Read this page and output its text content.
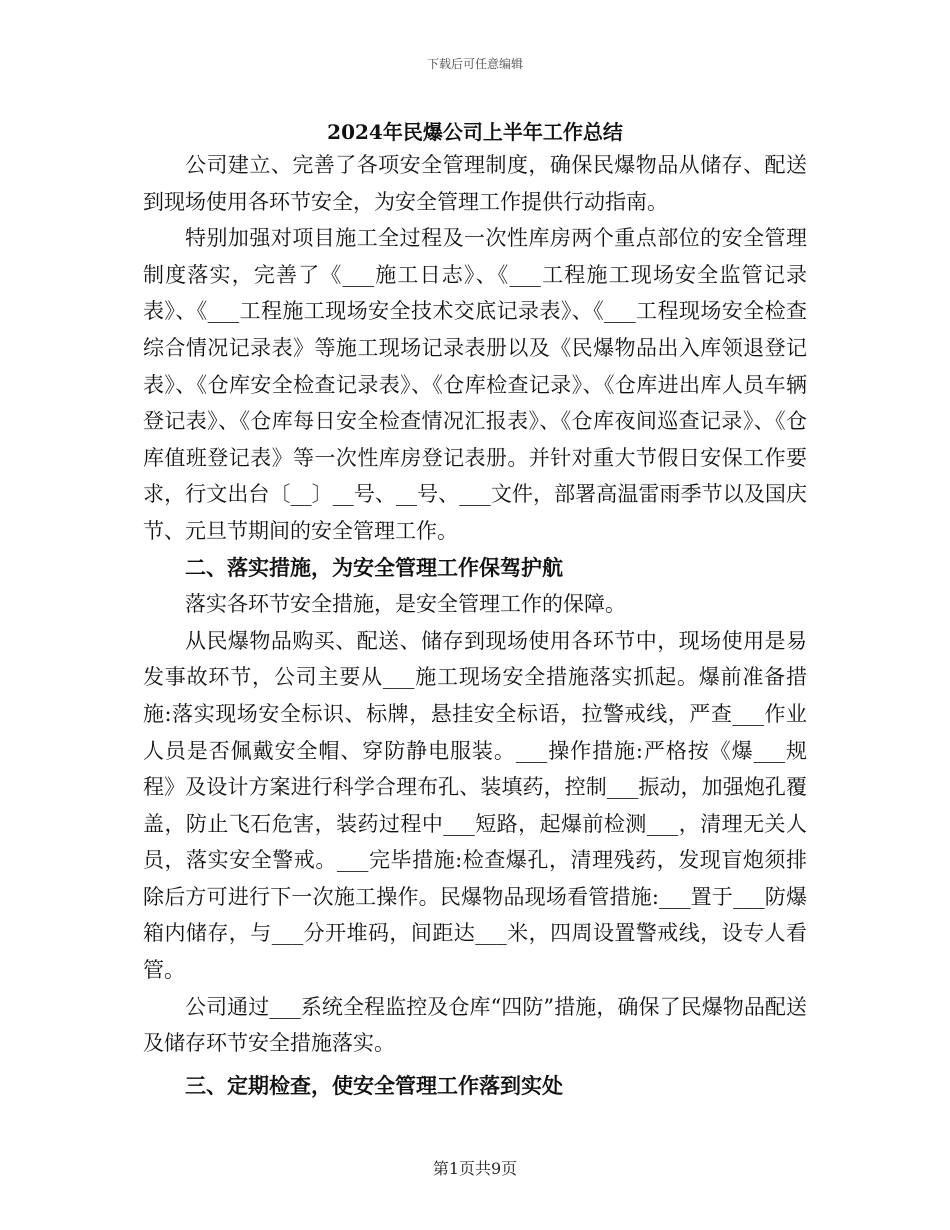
下载后可任意编辑
2024年民爆公司上半年工作总结

公司建立、完善了各项安全管理制度，确保民爆物品从储存、配送到现场使用各环节安全，为安全管理工作提供行动指南。

特别加强对项目施工全过程及一次性库房两个重点部位的安全管理制度落实，完善了《___施工日志》、《___工程施工现场安全监管记录表》、《___工程施工现场安全技术交底记录表》、《___工程现场安全检查综合情况记录表》等施工现场记录表册以及《民爆物品出入库领退登记表》、《仓库安全检查记录表》、《仓库检查记录》、《仓库进出库人员车辆登记表》、《仓库每日安全检查情况汇报表》、《仓库夜间巡查记录》、《仓库值班登记表》等一次性库房登记表册。并针对重大节假日安保工作要求，行文出台〔__〕__号、__号、___文件，部署高温雷雨季节以及国庆节、元旦节期间的安全管理工作。

二、落实措施，为安全管理工作保驾护航

落实各环节安全措施，是安全管理工作的保障。

从民爆物品购买、配送、储存到现场使用各环节中，现场使用是易发事故环节，公司主要从___施工现场安全措施落实抓起。爆前准备措施:落实现场安全标识、标牌，悬挂安全标语，拉警戒线，严查___作业人员是否佩戴安全帽、穿防静电服装。___操作措施:严格按《爆___规程》及设计方案进行科学合理布孔、装填药，控制___振动，加强炮孔覆盖，防止飞石危害，装药过程中___短路，起爆前检测___，清理无关人员，落实安全警戒。___完毕措施:检查爆孔，清理残药，发现盲炮须排除后方可进行下一次施工操作。民爆物品现场看管措施:___置于___防爆箱内储存，与___分开堆码，间距达___米，四周设置警戒线，设专人看管。

公司通过___系统全程监控及仓库“四防”措施，确保了民爆物品配送及储存环节安全措施落实。

三、定期检查，使安全管理工作落到实处

第1页共9页
